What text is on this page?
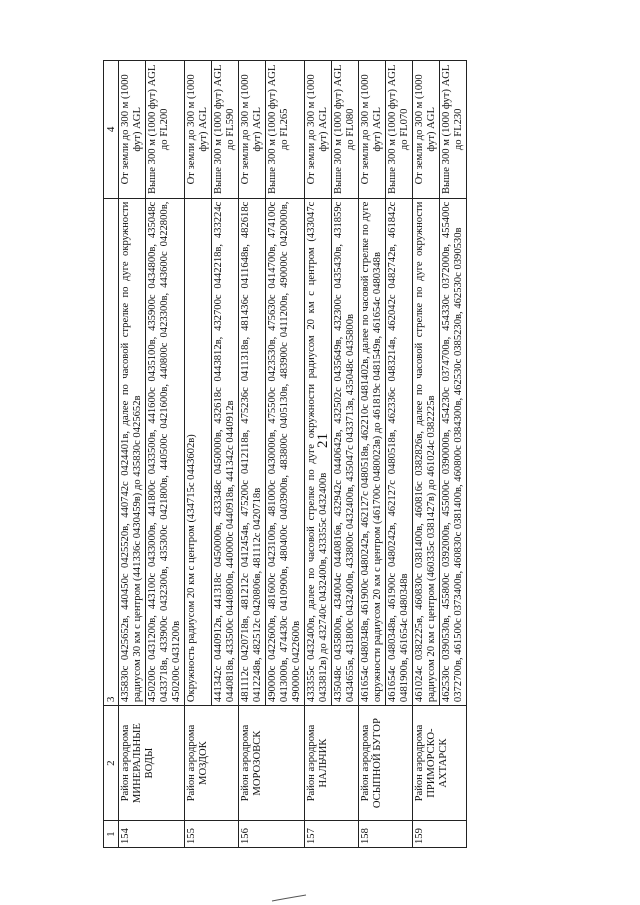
21
1	2	3	4
154	Район аэродрома МИНЕРАЛЬНЫЕ ВОДЫ	435830с 0425652в, 440450с 0425520в, 440742с 0424401в, далее по часовой стрелке по дуге окружности радиусом 30 км с центром (441336с 0430459в) до 435830с 0425652в	От земли до 300 м (1000 фут) AGL
		450200с 0431200в, 443100с 0433000в, 441800с 0433500в, 441600с 0435100в, 435900с 0434800в, 435048с 0433718в, 433900с 0432300в, 435300с 0421800в, 440500с 0421600в, 440800с 0423300в, 443600с 0422800в, 450200с 0431200в	Выше 300 м (1000 фут) AGL до FL200
155	Район аэродрома МОЗДОК	Окружность радиусом 20 км с центром (434715с 0443602в)	От земли до 300 м (1000 фут) AGL
		441342с 0440912в, 441318с 0450000в, 433348с 0450000в, 432618с 0443812в, 432700с 0442218в, 433224с 0440818в, 433500с 0440800в, 440000с 0440918в, 441342с 0440912в	Выше 300 м (1000 фут) AGL до FL590
156	Район аэродрома МОРОЗОВСК	481112с 0420718в, 481212с 0412454в, 475200с 0412118в, 475236с 0411318в, 481436с 0411648в, 482618с 0412248в, 482512с 0420806в, 481112с 0420718в	От земли до 300 м (1000 фут) AGL
		490000с 0422600в, 481600с 0423100в, 481000с 0430000в, 475500с 0423530в, 475630с 0414700в, 474100с 0413000в, 474430с 0410900в, 480400с 0403900в, 483800с 0405130в, 483900с 0411200в, 490000с 0420000в, 490000с 0422600в	Выше 300 м (1000 фут) AGL до FL265
157	Район аэродрома НАЛЬЧИК	433355с 0432400в, далее по часовой стрелке по дуге окружности радиусом 20 км с центром (433047с 0433812в) до 432740с 0432400в, 433355с 0432400в	От земли до 300 м (1000 фут) AGL
		435048с 0435800в, 434004с 0440816в, 432942с 0440642в, 432502с 0435649в, 432300с 0435430в, 431859с 0434655в, 431800с 0432400в, 433800с 0432400в, 435047с 0433713в, 435048с 0435800в	Выше 300 м (1000 фут) AGL до FL080
158	Район аэродрома ОСЫПНОЙ БУГОР	461654с 0480348в, 461900с 0480242в, 462127с 0480518в, 462210с 0481402в, далее по часовой стрелке по дуге окружности радиусом 20 км с центром (461700с 0480023в) до 461819с 0481549в, 461654с 0480348в	От земли до 300 м (1000 фут) AGL
		461654с 0480348в, 461900с 0480242в, 462127с 0480518в, 462336с 0483214в, 462042с 0482742в, 461842с 0481900в, 461654с 0480348в	Выше 300 м (1000 фут) AGL до FL070
159	Район аэродрома ПРИМОРСКО-АХТАРСК	461024с 0382225в, 460830с 0381400в, 460816с 0382826в, далее по часовой стрелке по дуге окружности радиусом 20 км с центром (460335с 0381427в) до 461024с 0382225в	От земли до 300 м (1000 фут) AGL
		462530с 0390530в, 455800с 0392000в, 455000с 0390000в, 454230с 0374700в, 454330с 0372000в, 455400с 0372700в, 461500с 0373400в, 460830с 0381400в, 460800с 0384300в, 462530с 0385230в, 462530с 0390530в	Выше 300 м (1000 фут) AGL до FL230
